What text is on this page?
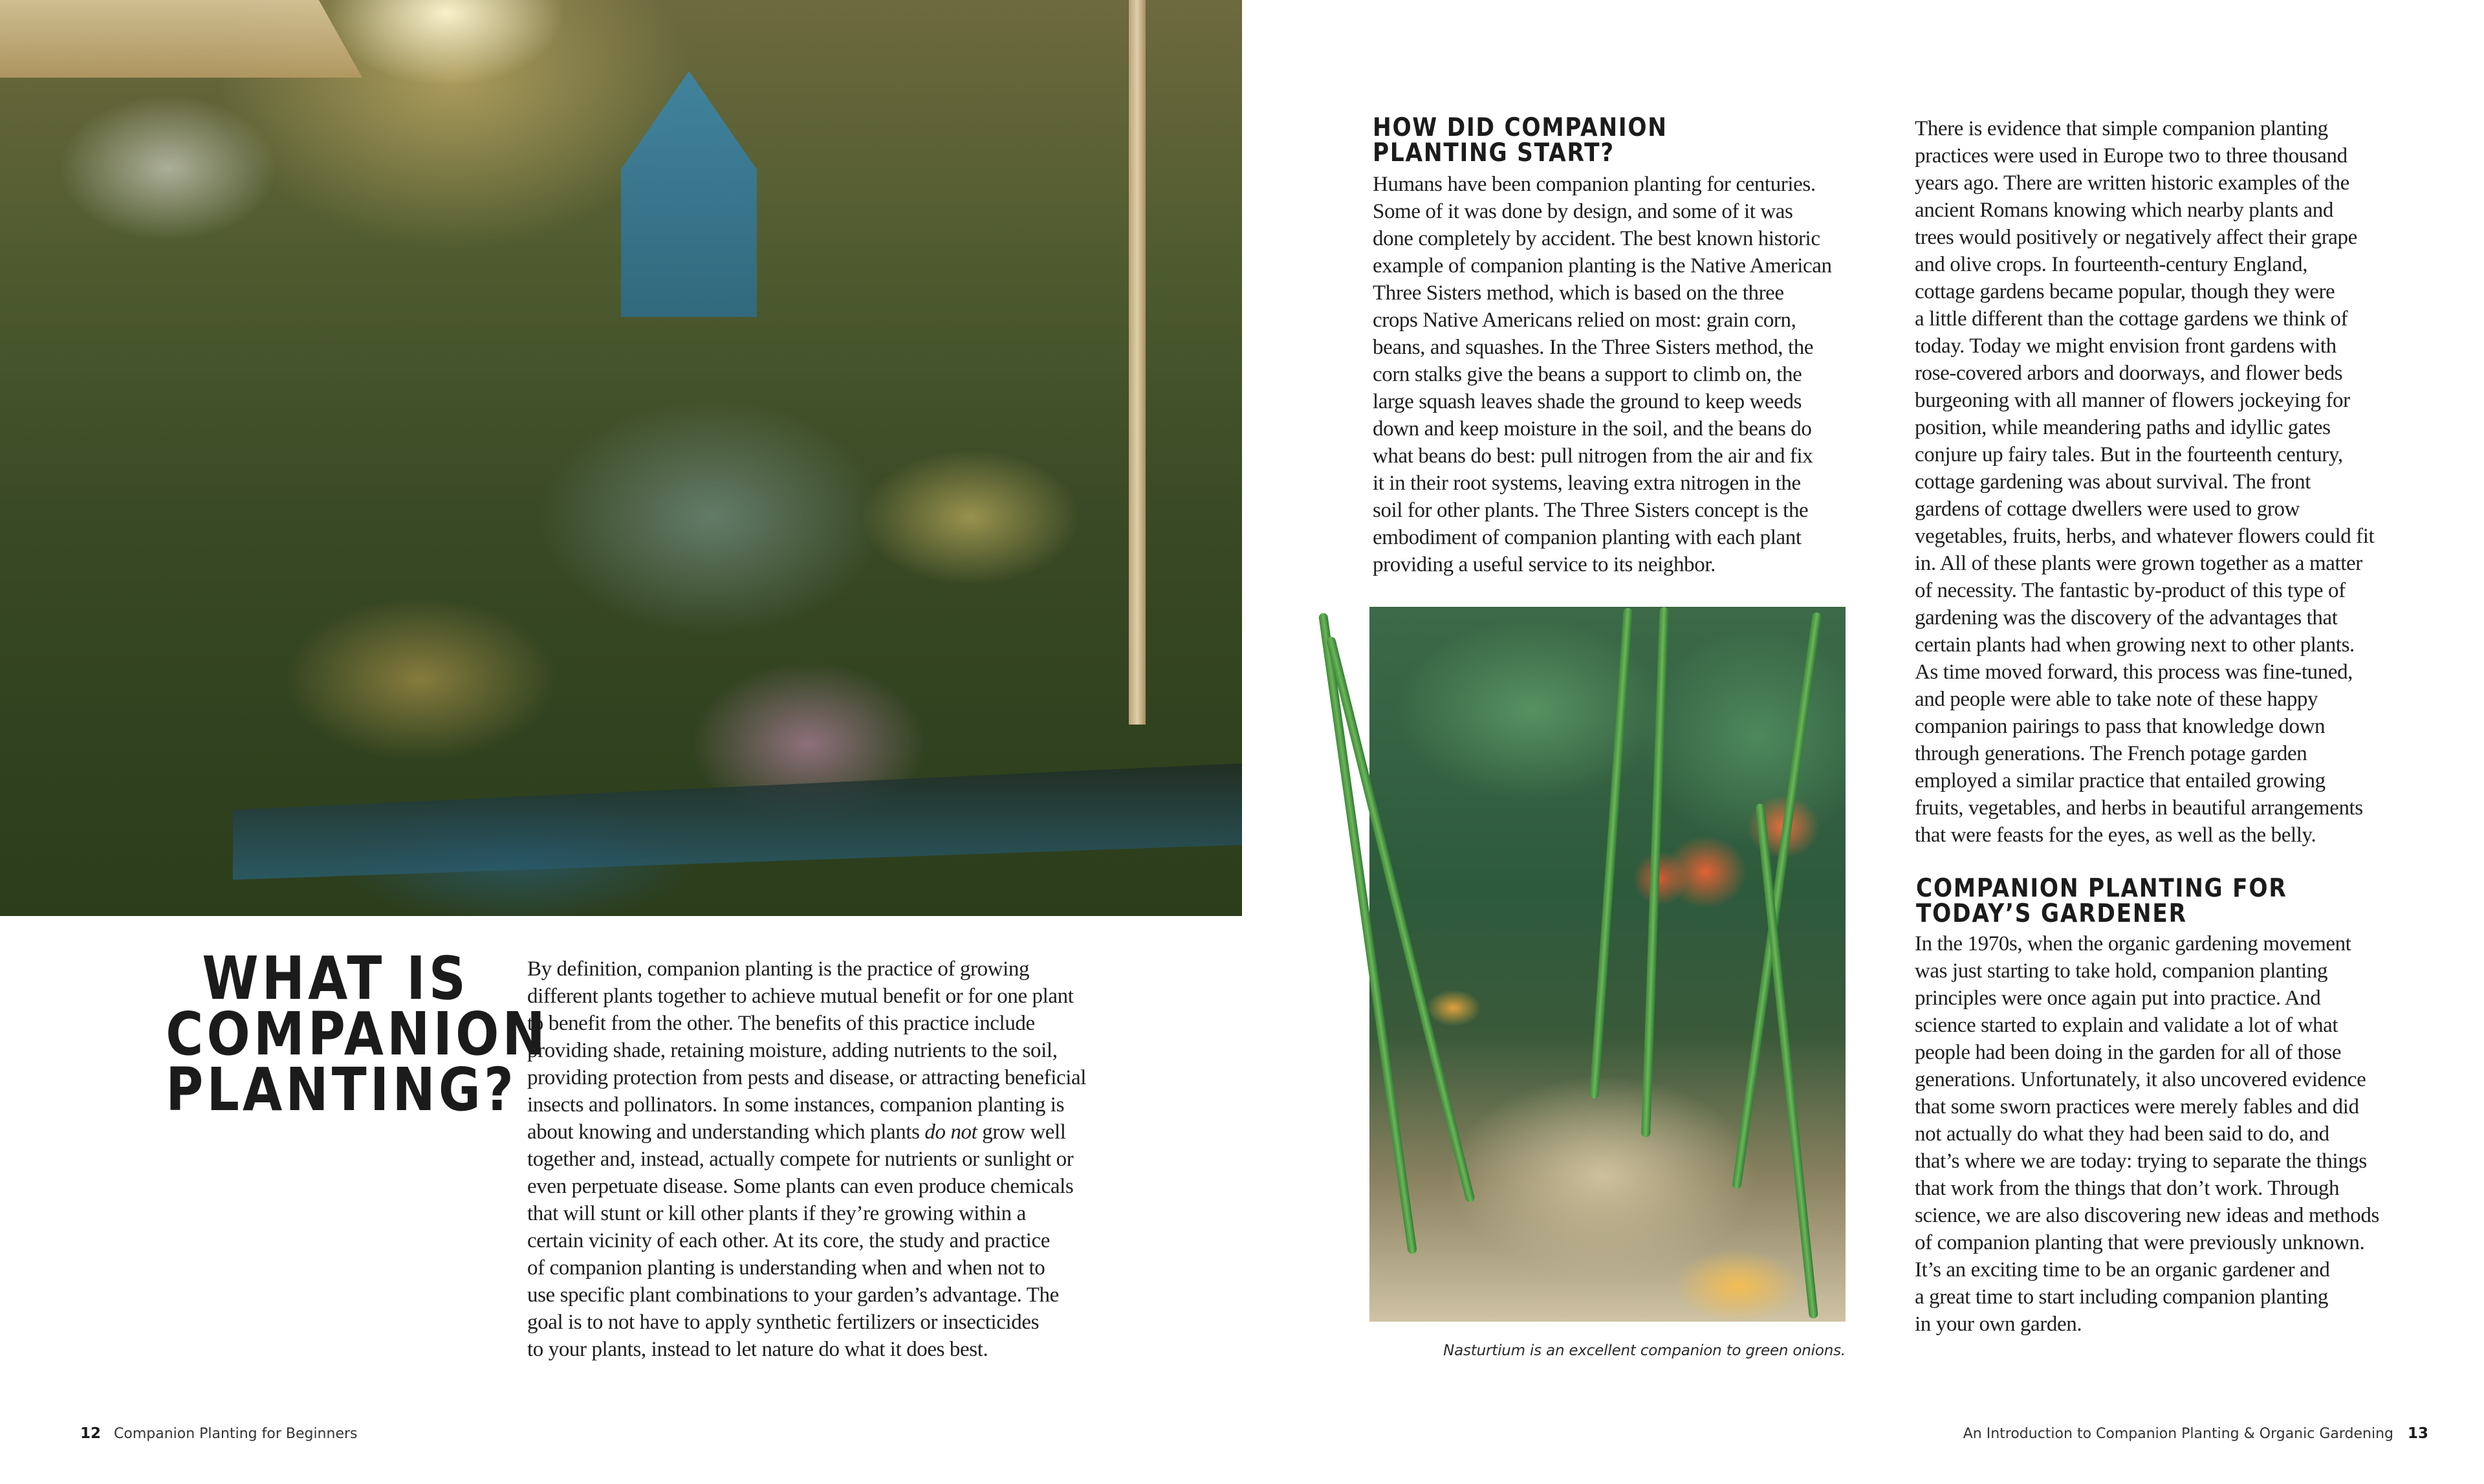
WHAT IS
COMPANION
PLANTING?
By definition, companion planting is the practice of growing
different plants together to achieve mutual benefit or for one plant
to benefit from the other. The benefits of this practice include
providing shade, retaining moisture, adding nutrients to the soil,
providing protection from pests and disease, or attracting beneficial
insects and pollinators. In some instances, companion planting is
about knowing and understanding which plants do not grow well
together and, instead, actually compete for nutrients or sunlight or
even perpetuate disease. Some plants can even produce chemicals
that will stunt or kill other plants if they’re growing within a
certain vicinity of each other. At its core, the study and practice
of companion planting is understanding when and when not to
use specific plant combinations to your garden’s advantage. The
goal is to not have to apply synthetic fertilizers or insecticides
to your plants, instead to let nature do what it does best.
12 Companion Planting for Beginners
HOW DID COMPANION
PLANTING START?
Humans have been companion planting for centuries.
Some of it was done by design, and some of it was
done completely by accident. The best known historic
example of companion planting is the Native American
Three Sisters method, which is based on the three
crops Native Americans relied on most: grain corn,
beans, and squashes. In the Three Sisters method, the
corn stalks give the beans a support to climb on, the
large squash leaves shade the ground to keep weeds
down and keep moisture in the soil, and the beans do
what beans do best: pull nitrogen from the air and fix
it in their root systems, leaving extra nitrogen in the
soil for other plants. The Three Sisters concept is the
embodiment of companion planting with each plant
providing a useful service to its neighbor.
Nasturtium is an excellent companion to green onions.
There is evidence that simple companion planting
practices were used in Europe two to three thousand
years ago. There are written historic examples of the
ancient Romans knowing which nearby plants and
trees would positively or negatively affect their grape
and olive crops. In fourteenth-century England,
cottage gardens became popular, though they were
a little different than the cottage gardens we think of
today. Today we might envision front gardens with
rose-covered arbors and doorways, and flower beds
burgeoning with all manner of flowers jockeying for
position, while meandering paths and idyllic gates
conjure up fairy tales. But in the fourteenth century,
cottage gardening was about survival. The front
gardens of cottage dwellers were used to grow
vegetables, fruits, herbs, and whatever flowers could fit
in. All of these plants were grown together as a matter
of necessity. The fantastic by-product of this type of
gardening was the discovery of the advantages that
certain plants had when growing next to other plants.
As time moved forward, this process was fine-tuned,
and people were able to take note of these happy
companion pairings to pass that knowledge down
through generations. The French potage garden
employed a similar practice that entailed growing
fruits, vegetables, and herbs in beautiful arrangements
that were feasts for the eyes, as well as the belly.
COMPANION PLANTING FOR
TODAY’S GARDENER
In the 1970s, when the organic gardening movement
was just starting to take hold, companion planting
principles were once again put into practice. And
science started to explain and validate a lot of what
people had been doing in the garden for all of those
generations. Unfortunately, it also uncovered evidence
that some sworn practices were merely fables and did
not actually do what they had been said to do, and
that’s where we are today: trying to separate the things
that work from the things that don’t work. Through
science, we are also discovering new ideas and methods
of companion planting that were previously unknown.
It’s an exciting time to be an organic gardener and
a great time to start including companion planting
in your own garden.
An Introduction to Companion Planting & Organic Gardening 13
